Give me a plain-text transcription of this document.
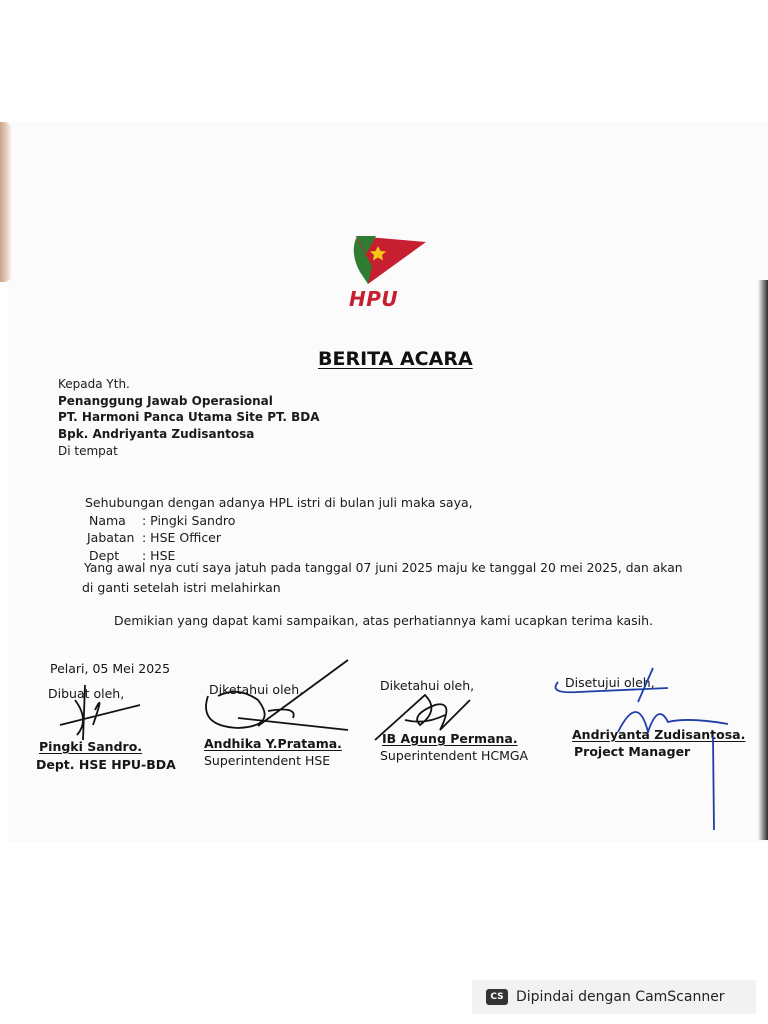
HPU
BERITA ACARA
Kepada Yth.
Penanggung Jawab Operasional
PT. Harmoni Panca Utama Site PT. BDA
Bpk. Andriyanta Zudisantosa
Di tempat
Sehubungan dengan adanya HPL istri di bulan juli maka saya,
Nama : Pingki Sandro
Jabatan : HSE Officer
Dept : HSE
Yang awal nya cuti saya jatuh pada tanggal 07 juni 2025 maju ke tanggal 20 mei 2025, dan akan
di ganti setelah istri melahirkan
Demikian yang dapat kami sampaikan, atas perhatiannya kami ucapkan terima kasih.
Pelari, 05 Mei 2025
Dibuat oleh,
Pingki Sandro.
Dept. HSE HPU-BDA
Diketahui oleh,
Andhika Y.Pratama.
Superintendent HSE
Diketahui oleh,
IB Agung Permana.
Superintendent HCMGA
Disetujui oleh,
Andriyanta Zudisantosa.
Project Manager
CS Dipindai dengan CamScanner
